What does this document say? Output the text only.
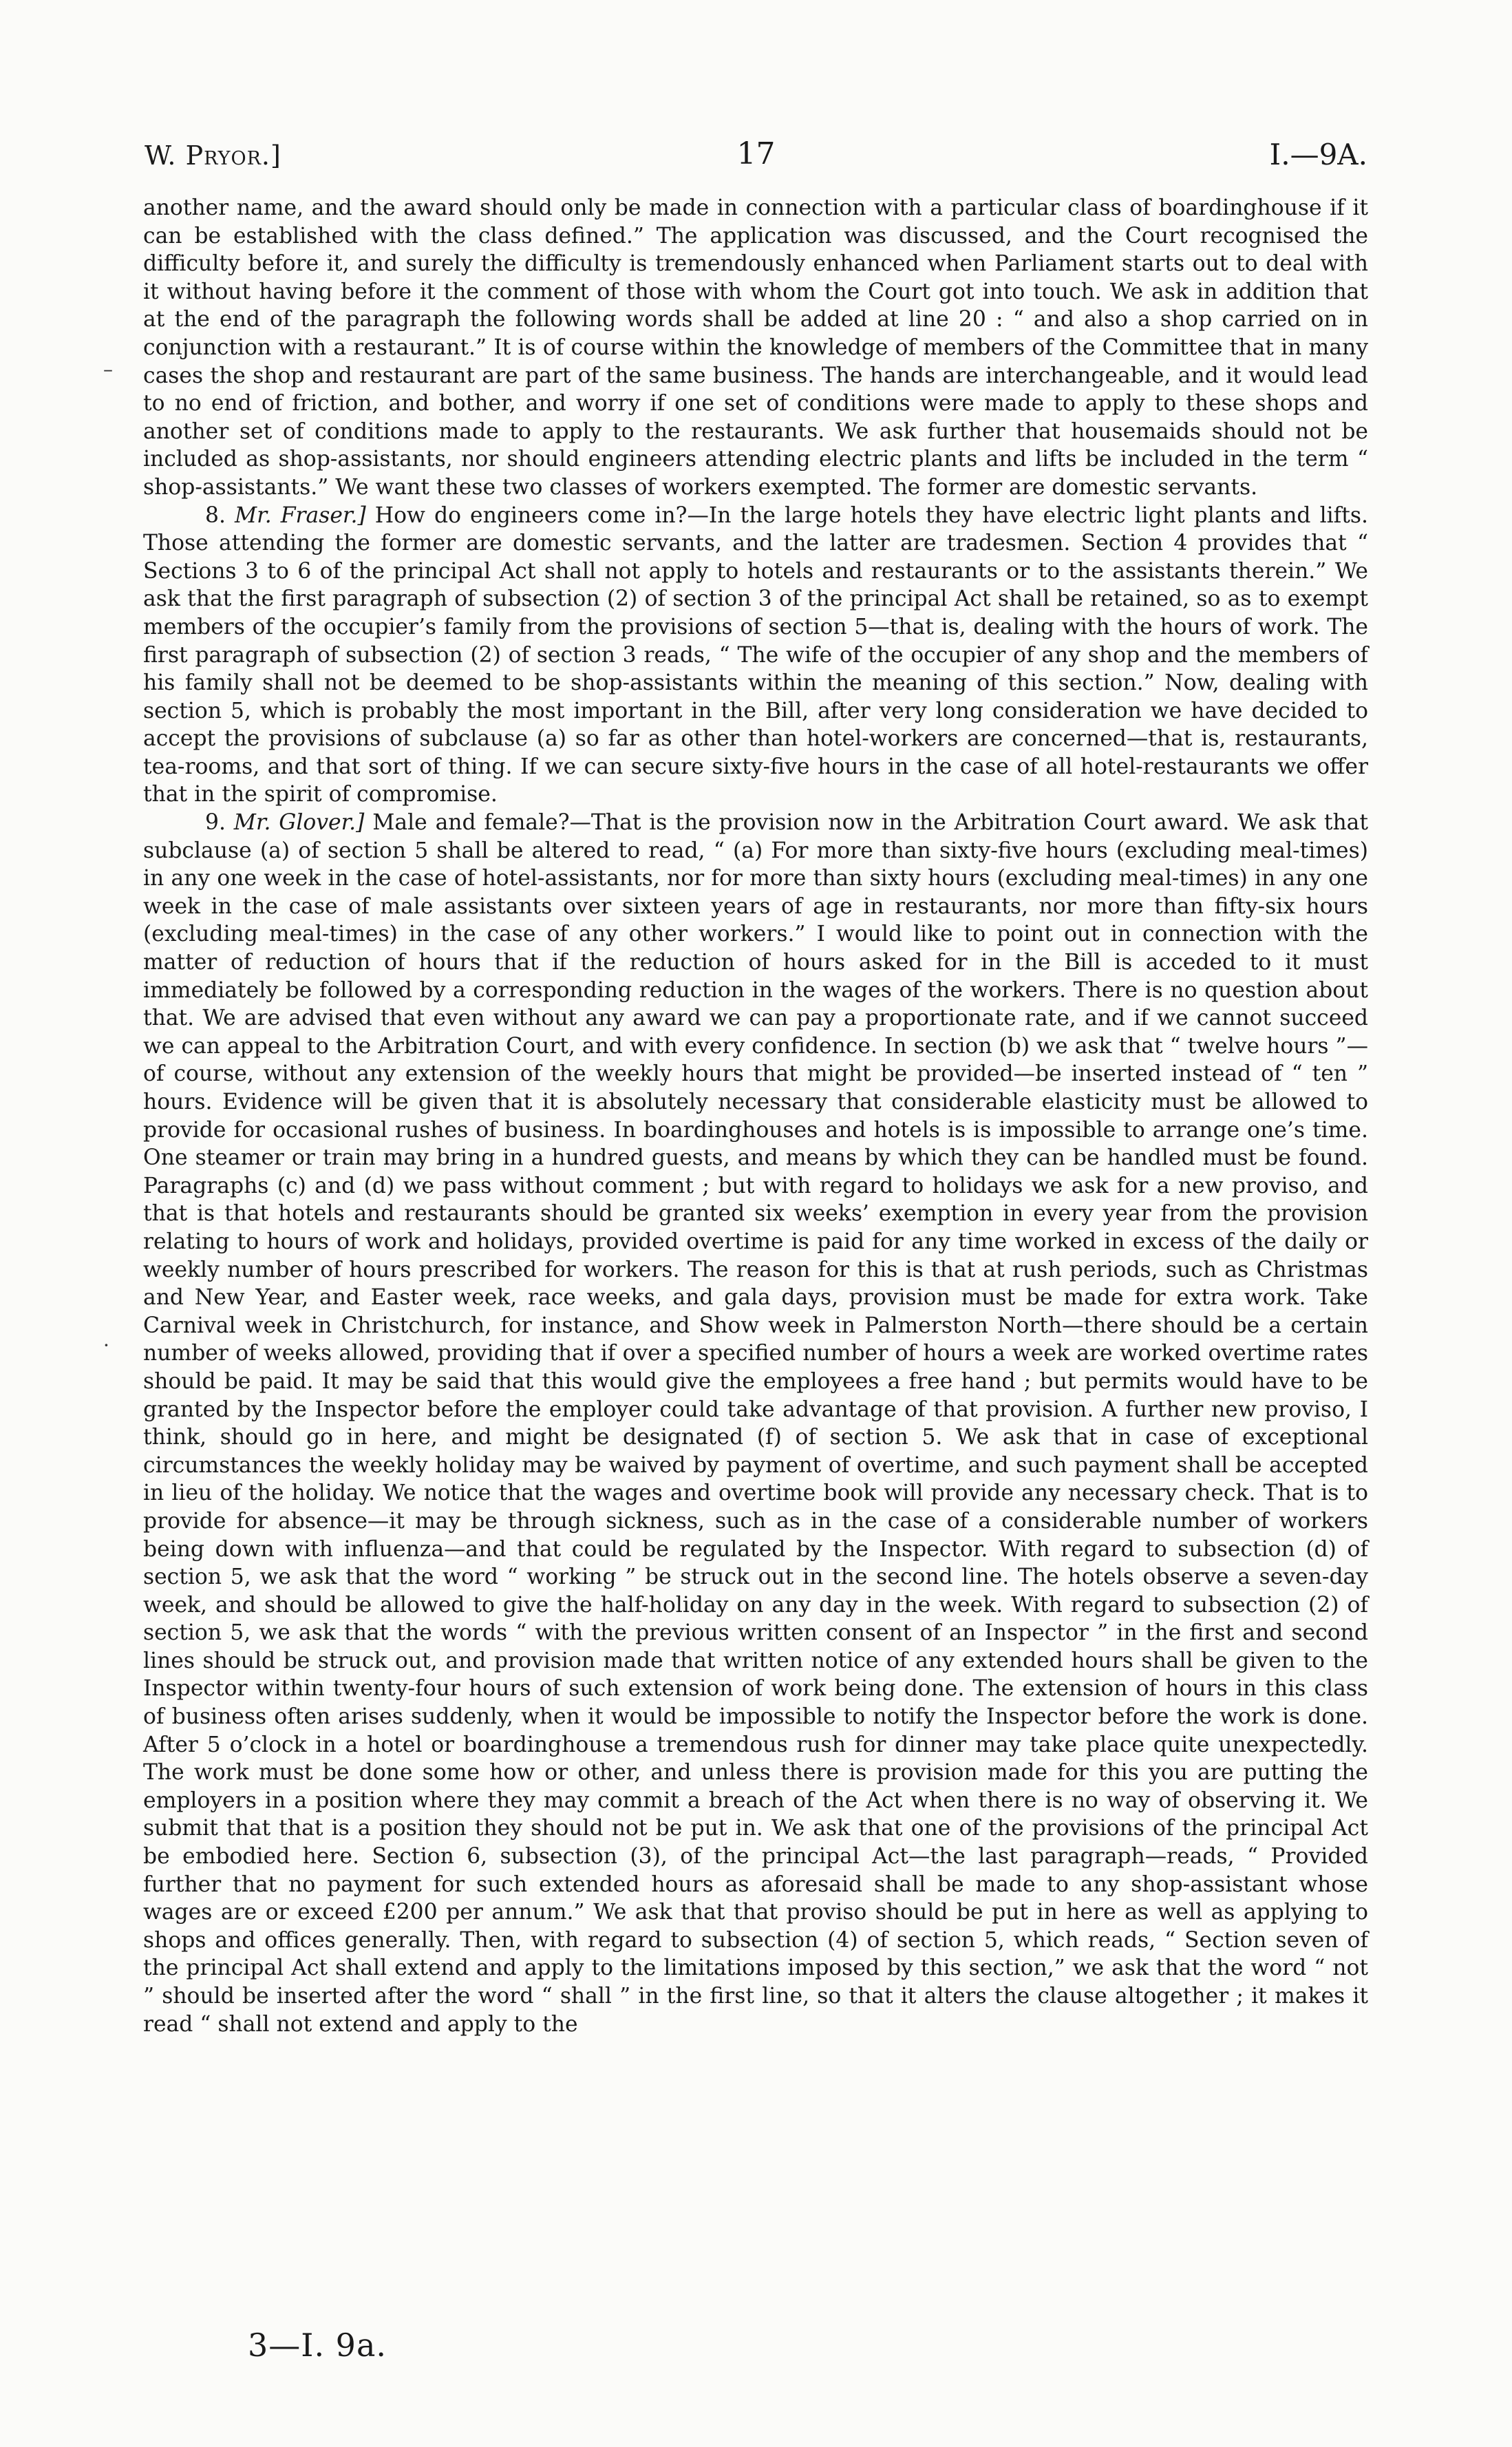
W. Pryor.]	17	I.—9A.
–
·

another name, and the award should only be made in connection with a particular class of boardinghouse if it can be established with the class defined.” The application was discussed, and the Court recognised the difficulty before it, and surely the difficulty is tremendously enhanced when Parliament starts out to deal with it without having before it the comment of those with whom the Court got into touch. We ask in addition that at the end of the paragraph the following words shall be added at line 20 : “ and also a shop carried on in conjunction with a restaurant.” It is of course within the knowledge of members of the Committee that in many cases the shop and restaurant are part of the same business. The hands are interchangeable, and it would lead to no end of friction, and bother, and worry if one set of conditions were made to apply to these shops and another set of conditions made to apply to the restaurants. We ask further that housemaids should not be included as shop-assistants, nor should engineers attending electric plants and lifts be included in the term “ shop-assistants.” We want these two classes of workers exempted. The former are domestic servants.

8. Mr. Fraser.] How do engineers come in?—In the large hotels they have electric light plants and lifts. Those attending the former are domestic servants, and the latter are tradesmen. Section 4 provides that “ Sections 3 to 6 of the principal Act shall not apply to hotels and restaurants or to the assistants therein.” We ask that the first paragraph of subsection (2) of section 3 of the principal Act shall be retained, so as to exempt members of the occupier’s family from the provisions of section 5—that is, dealing with the hours of work. The first paragraph of subsection (2) of section 3 reads, “ The wife of the occupier of any shop and the members of his family shall not be deemed to be shop-assistants within the meaning of this section.” Now, dealing with section 5, which is probably the most important in the Bill, after very long consideration we have decided to accept the provisions of subclause (a) so far as other than hotel-workers are concerned—that is, restaurants, tea-rooms, and that sort of thing. If we can secure sixty-five hours in the case of all hotel-restaurants we offer that in the spirit of compromise.

9. Mr. Glover.] Male and female?—That is the provision now in the Arbitration Court award. We ask that subclause (a) of section 5 shall be altered to read, “ (a) For more than sixty-five hours (excluding meal-times) in any one week in the case of hotel-assistants, nor for more than sixty hours (excluding meal-times) in any one week in the case of male assistants over sixteen years of age in restaurants, nor more than fifty-six hours (excluding meal-times) in the case of any other workers.” I would like to point out in connection with the matter of reduction of hours that if the reduction of hours asked for in the Bill is acceded to it must immediately be followed by a corresponding reduction in the wages of the workers. There is no question about that. We are advised that even without any award we can pay a proportionate rate, and if we cannot succeed we can appeal to the Arbitration Court, and with every confidence. In section (b) we ask that “ twelve hours ”—of course, without any extension of the weekly hours that might be provided—be inserted instead of “ ten ” hours. Evidence will be given that it is absolutely necessary that considerable elasticity must be allowed to provide for occasional rushes of business. In boardinghouses and hotels is is impossible to arrange one’s time. One steamer or train may bring in a hundred guests, and means by which they can be handled must be found. Paragraphs (c) and (d) we pass without comment ; but with regard to holidays we ask for a new proviso, and that is that hotels and restaurants should be granted six weeks’ exemption in every year from the provision relating to hours of work and holidays, provided overtime is paid for any time worked in excess of the daily or weekly number of hours prescribed for workers. The reason for this is that at rush periods, such as Christmas and New Year, and Easter week, race weeks, and gala days, provision must be made for extra work. Take Carnival week in Christchurch, for instance, and Show week in Palmerston North—there should be a certain number of weeks allowed, providing that if over a specified number of hours a week are worked overtime rates should be paid. It may be said that this would give the employees a free hand ; but permits would have to be granted by the Inspector before the employer could take advantage of that provision. A further new proviso, I think, should go in here, and might be designated (f) of section 5. We ask that in case of exceptional circumstances the weekly holiday may be waived by payment of overtime, and such payment shall be accepted in lieu of the holiday. We notice that the wages and overtime book will provide any necessary check. That is to provide for absence—it may be through sickness, such as in the case of a considerable number of workers being down with influenza—and that could be regulated by the Inspector. With regard to subsection (d) of section 5, we ask that the word “ working ” be struck out in the second line. The hotels observe a seven-day week, and should be allowed to give the half-holiday on any day in the week. With regard to subsection (2) of section 5, we ask that the words “ with the previous written consent of an Inspector ” in the first and second lines should be struck out, and provision made that written notice of any extended hours shall be given to the Inspector within twenty-four hours of such extension of work being done. The extension of hours in this class of business often arises suddenly, when it would be impossible to notify the Inspector before the work is done. After 5 o’clock in a hotel or boardinghouse a tremendous rush for dinner may take place quite unexpectedly. The work must be done some how or other, and unless there is provision made for this you are putting the employers in a position where they may commit a breach of the Act when there is no way of observing it. We submit that that is a position they should not be put in. We ask that one of the provisions of the principal Act be embodied here. Section 6, subsection (3), of the principal Act—the last paragraph—reads, “ Provided further that no payment for such extended hours as aforesaid shall be made to any shop-assistant whose wages are or exceed £200 per annum.” We ask that that proviso should be put in here as well as applying to shops and offices generally. Then, with regard to subsection (4) of section 5, which reads, “ Section seven of the principal Act shall extend and apply to the limitations imposed by this section,” we ask that the word “ not ” should be inserted after the word “ shall ” in the first line, so that it alters the clause altogether ; it makes it read “ shall not extend and apply to the

3—I. 9a.
